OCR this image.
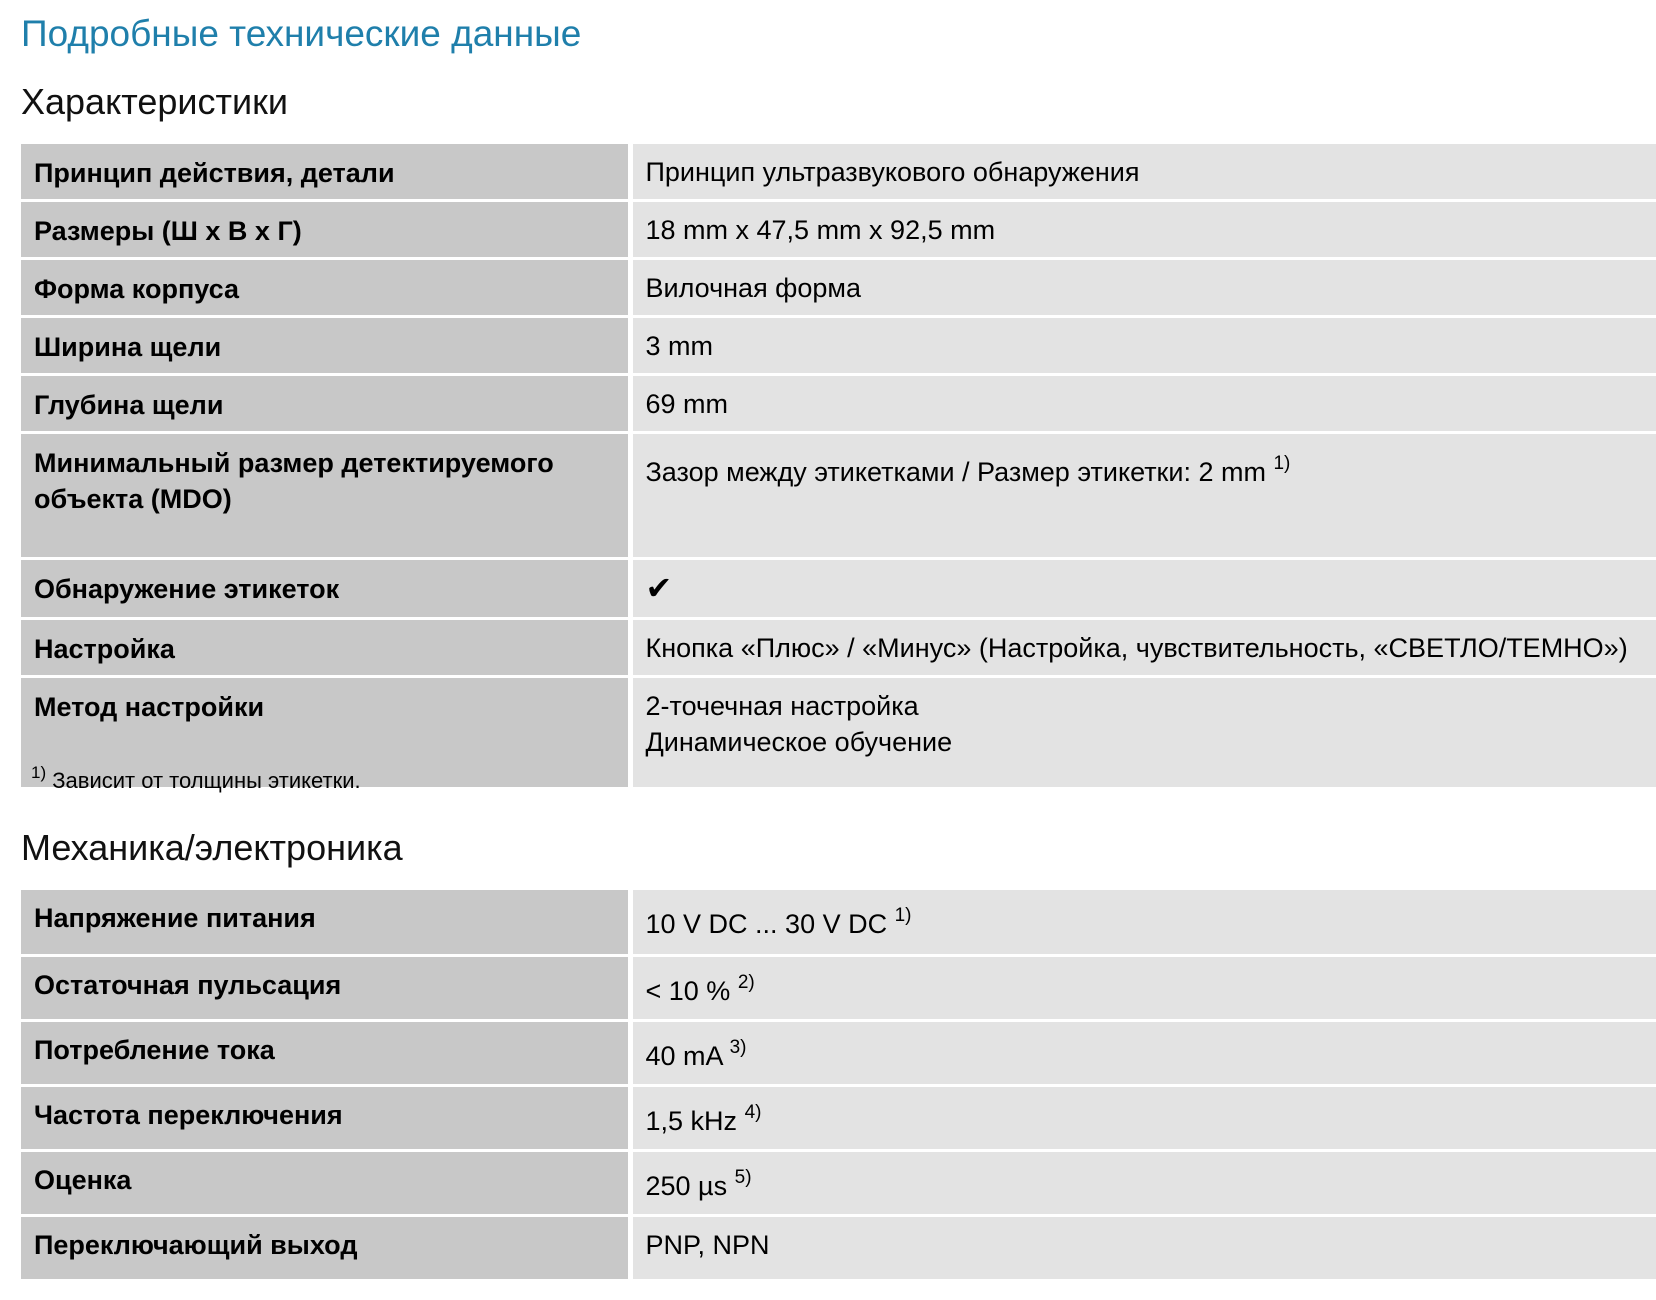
Подробные технические данные
Характеристики
Принцип действия, детали	Принцип ультразвукового обнаружения
Размеры (Ш x В x Г)	18 mm x 47,5 mm x 92,5 mm
Форма корпуса	Вилочная форма
Ширина щели	3 mm
Глубина щели	69 mm
Минимальный размер детектируемого объекта (MDO)	Зазор между этикетками / Размер этикетки: 2 mm $^{1)}$
Обнаружение этикеток	✔
Настройка	Кнопка «Плюс» / «Минус» (Настройка, чувствительность, «СВЕТЛО/ТЕМНО»)
Метод настройки	2-точечная настройка
Динамическое обучение
$^{1)}$ Зависит от толщины этикетки.
Механика/электроника
Напряжение питания	10 V DC ... 30 V DC $^{1)}$
Остаточная пульсация	< 10 % $^{2)}$
Потребление тока	40 mA $^{3)}$
Частота переключения	1,5 kHz $^{4)}$
Оценка	250 µs $^{5)}$
Переключающий выход	PNP, NPN
